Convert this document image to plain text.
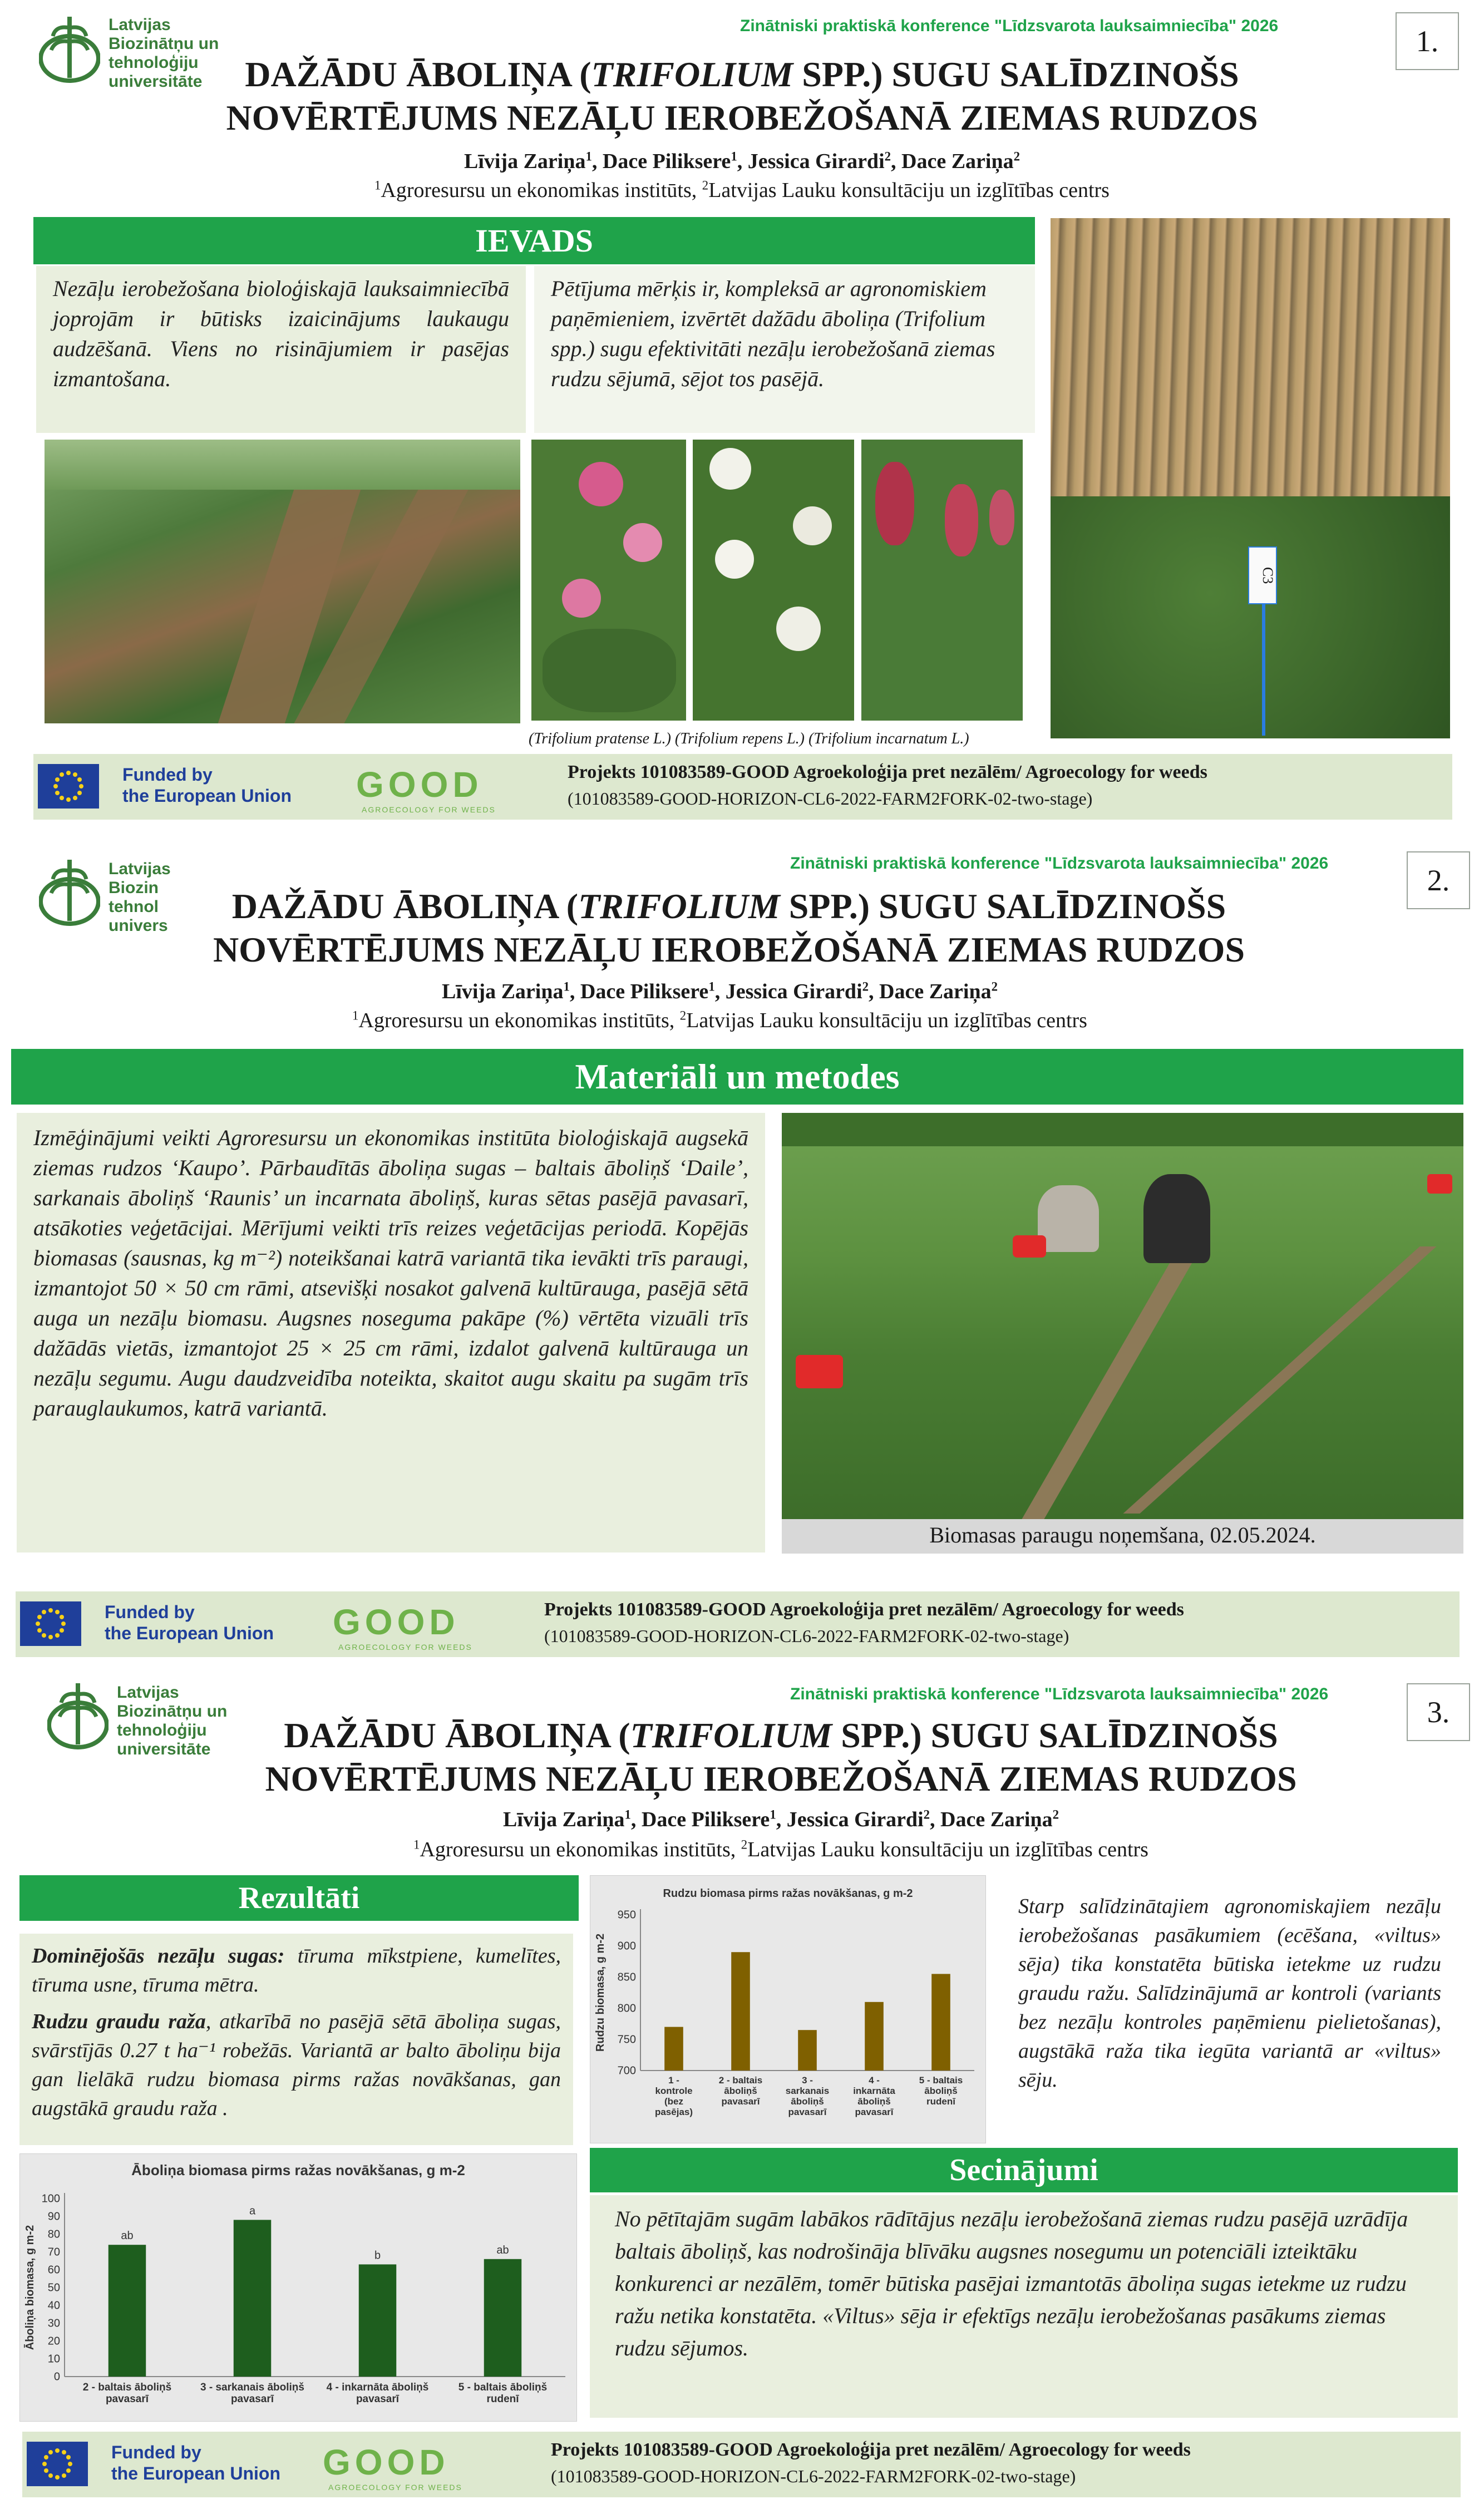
Latvijas
Biozinātņu un
tehnoloģiju
universitāte
Zinātniski praktiskā konference "Līdzsvarota lauksaimniecība" 2026	1.
DAŽĀDU ĀBOLIŅA (TRIFOLIUM SPP.) SUGU SALĪDZINOŠS
NOVĒRTĒJUMS NEZĀĻU IEROBEŽOŠANĀ ZIEMAS RUDZOS
Līvija Zariņa$^1$, Dace Piliksere$^1$, Jessica Girardi$^2$, Dace Zariņa$^2$
$^1$Agroresursu un ekonomikas institūts, $^2$Latvijas Lauku konsultāciju un izglītības centrs
IEVADS

Nezāļu ierobežošana bioloģiskajā lauksaimniecībā joprojām ir būtisks izaicinājums laukaugu audzēšanā. Viens no risinājumiem ir pasējas izmantošana.

Pētījuma mērķis ir, kompleksā ar agronomiskiem paņēmieniem, izvērtēt dažādu āboliņa (Trifolium spp.) sugu efektivitāti nezāļu ierobežošanā ziemas rudzu sējumā, sējot tos pasējā.

(Trifolium pratense L.) (Trifolium repens L.) (Trifolium incarnatum L.)
C3
Funded by
the European Union GOOD
AGROECOLOGY FOR WEEDS
Projekts 101083589-GOOD Agroekoloģija pret nezālēm/ Agroecology for weeds
(101083589-GOOD-HORIZON-CL6-2022-FARM2FORK-02-two-stage)
Latvijas
Biozin
tehnol
univers
Zinātniski praktiskā konference "Līdzsvarota lauksaimniecība" 2026
2.
DAŽĀDU ĀBOLIŅA (TRIFOLIUM SPP.) SUGU SALĪDZINOŠS
NOVĒRTĒJUMS NEZĀĻU IEROBEŽOŠANĀ ZIEMAS RUDZOS
Līvija Zariņa$^1$, Dace Piliksere$^1$, Jessica Girardi$^2$, Dace Zariņa$^2$
$^1$Agroresursu un ekonomikas institūts, $^2$Latvijas Lauku konsultāciju un izglītības centrs
Materiāli un metodes

Izmēģinājumi veikti Agroresursu un ekonomikas institūta bioloģiskajā augsekā ziemas rudzos ‘Kaupo’. Pārbaudītās āboliņa sugas – baltais āboliņš ‘Daile’, sarkanais āboliņš ‘Raunis’ un incarnata āboliņš, kuras sētas pasējā pavasarī, atsākoties veģetācijai. Mērījumi veikti trīs reizes veģetācijas periodā. Kopējās biomasas (sausnas, kg m⁻²) noteikšanai katrā variantā tika ievākti trīs paraugi, izmantojot 50 × 50 cm rāmi, atsevišķi nosakot galvenā kultūrauga, pasējā sētā auga un nezāļu biomasu. Augsnes noseguma pakāpe (%) vērtēta vizuāli trīs dažādās vietās, izmantojot 25 × 25 cm rāmi, izdalot galvenā kultūrauga un nezāļu segumu. Augu daudzveidība noteikta, skaitot augu skaitu pa sugām trīs parauglaukumos, katrā variantā.

Biomasas paraugu noņemšana, 02.05.2024.
Funded by
the European Union GOOD
AGROECOLOGY FOR WEEDS
Projekts 101083589-GOOD Agroekoloģija pret nezālēm/ Agroecology for weeds
(101083589-GOOD-HORIZON-CL6-2022-FARM2FORK-02-two-stage)
Latvijas
Biozinātņu un
tehnoloģiju
universitāte
Zinātniski praktiskā konference "Līdzsvarota lauksaimniecība" 2026
3.
DAŽĀDU ĀBOLIŅA (TRIFOLIUM SPP.) SUGU SALĪDZINOŠS
NOVĒRTĒJUMS NEZĀĻU IEROBEŽOŠANĀ ZIEMAS RUDZOS
Līvija Zariņa$^1$, Dace Piliksere$^1$, Jessica Girardi$^2$, Dace Zariņa$^2$
$^1$Agroresursu un ekonomikas institūts, $^2$Latvijas Lauku konsultāciju un izglītības centrs
Rezultāti

Dominējošās nezāļu sugas: tīruma mīkstpiene, kumelītes, tīruma usne, tīruma mētra.

Rudzu graudu raža, atkarībā no pasējā sētā āboliņa sugas, svārstījās 0.27 t ha⁻¹ robežās. Variantā ar balto āboliņu bija gan lielākā rudzu biomasa pirms ražas novākšanas, gan augstākā graudu raža .

Rudzu biomasa pirms ražas novākšanas, g m-2
700
750
800
850
900
950
Rudzu biomasa, g m-2
1 -kontrole (bez pasējas)
2 - baltais āboliņš pavasarī
3 -sarkanais āboliņš pavasarī
4 -inkarnāta āboliņš pavasarī
5 - baltais āboliņš rudenī

Starp salīdzinātajiem agronomiskajiem nezāļu ierobežošanas pasākumiem (ecēšana, «viltus» sēja) tika konstatēta būtiska ietekme uz rudzu graudu ražu. Salīdzinājumā ar kontroli (variants bez nezāļu kontroles paņēmienu pielietošanas), augstākā raža tika iegūta variantā ar «viltus» sēju.

Āboliņa biomasa pirms ražas novākšanas, g m-2
0
10
20
30
40
50
60
70
80
90
100
Āboliņa biomasa, g m-2	ab
2 - baltais āboliņš pavasarī
a
3 - sarkanais āboliņš pavasarī
b
4 - inkarnāta āboliņš pavasarī
ab
5 - baltais āboliņš rudenī
Secinājumi

No pētītajām sugām labākos rādītājus nezāļu ierobežošanā ziemas rudzu pasējā uzrādīja baltais āboliņš, kas nodrošināja blīvāku augsnes nosegumu un potenciāli izteiktāku konkurenci ar nezālēm, tomēr būtiska pasējai izmantotās āboliņa sugas ietekme uz rudzu ražu netika konstatēta. «Viltus» sēja ir efektīgs nezāļu ierobežošanas pasākums ziemas rudzu sējumos.

Funded by
the European Union GOOD
AGROECOLOGY FOR WEEDS
Projekts 101083589-GOOD Agroekoloģija pret nezālēm/ Agroecology for weeds
(101083589-GOOD-HORIZON-CL6-2022-FARM2FORK-02-two-stage)
